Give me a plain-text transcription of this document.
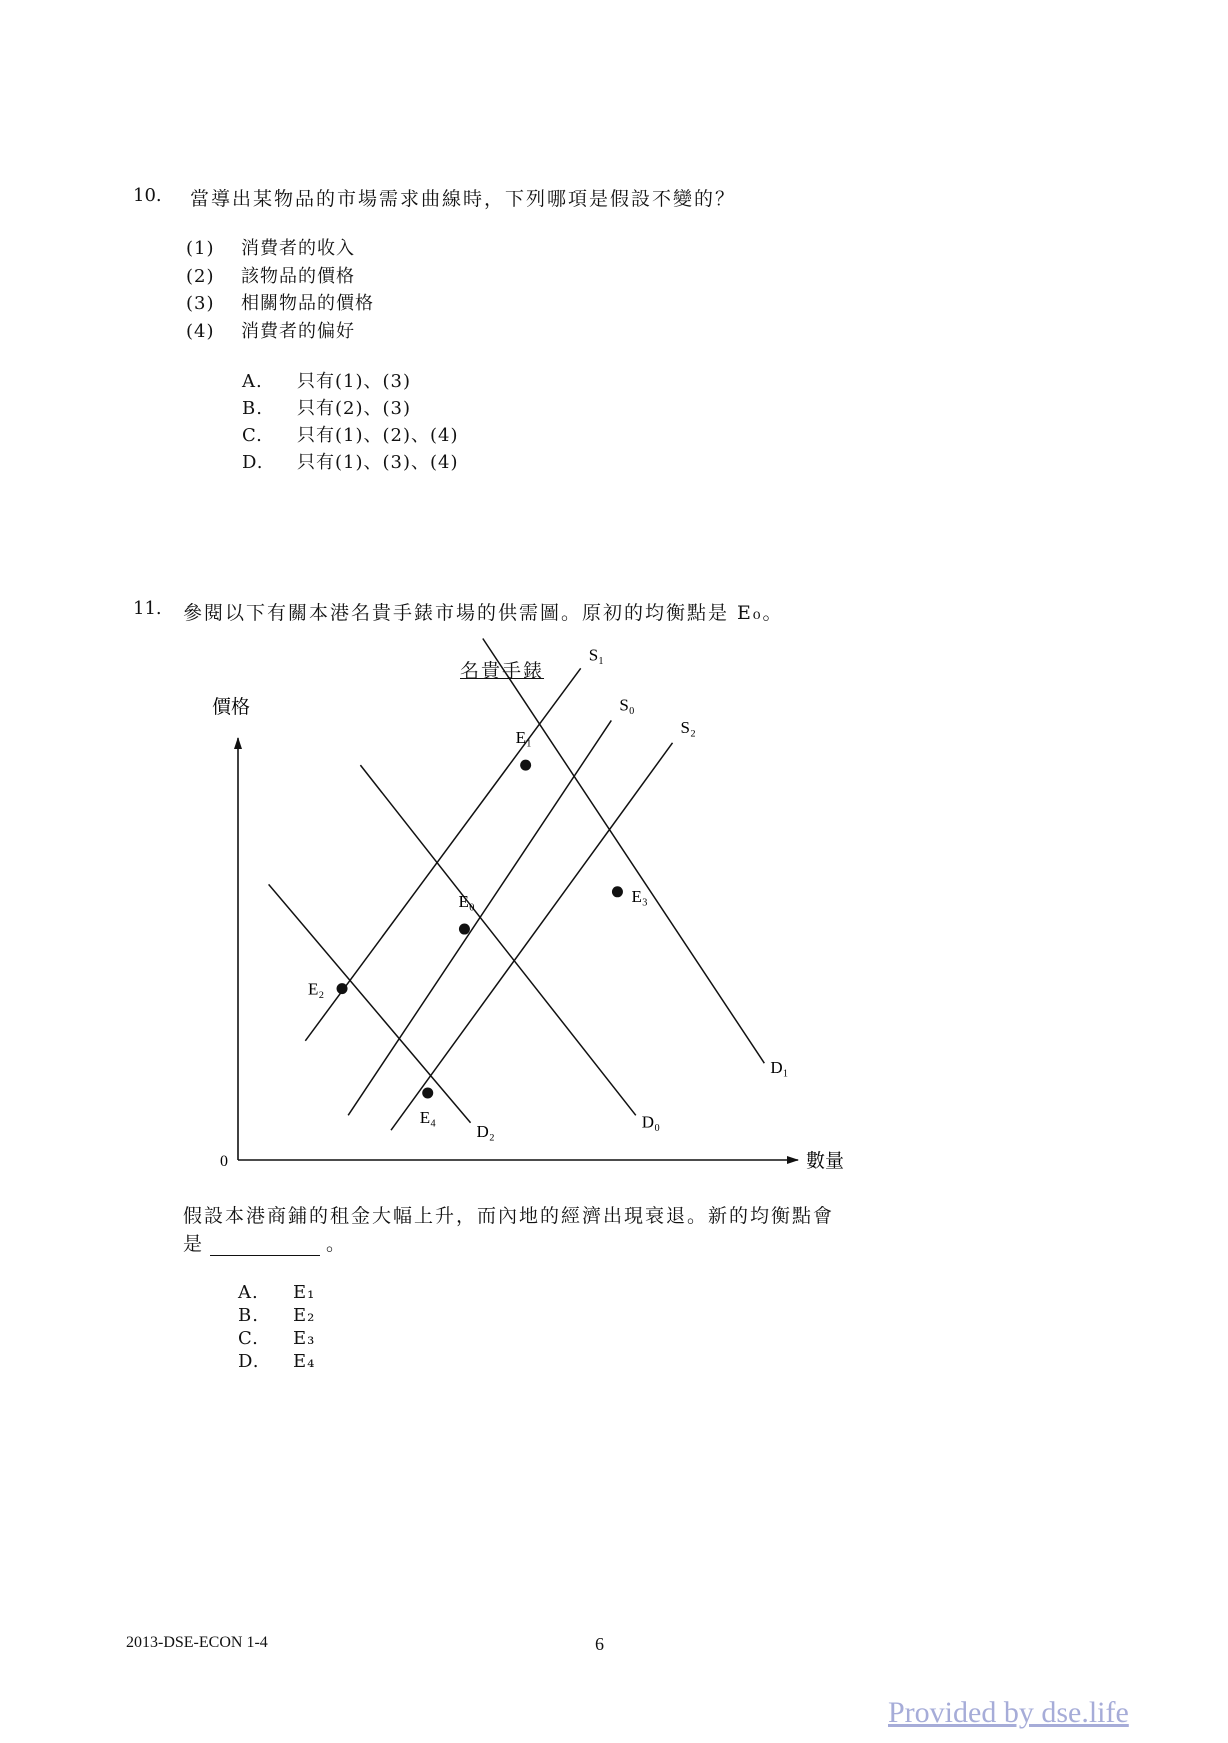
10. 當導出某物品的市場需求曲線時，下列哪項是假設不變的？
(1) 消費者的收入
(2) 該物品的價格
(3) 相關物品的價格
(4) 消費者的偏好
A. 只有(1)、(3)
B. 只有(2)、(3)
C. 只有(1)、(2)、(4)
D. 只有(1)、(3)、(4)
11. 參閱以下有關本港名貴手錶市場的供需圖。原初的均衡點是 E₀。
名貴手錶
價格
數量
0
S₁
S₀
S₂
D₁
D₀
D₂
E₀
E₁
E₂
E₃
E₄
假設本港商鋪的租金大幅上升，而內地的經濟出現衰退。新的均衡點會
是	。
A. E₁
B. E₂
C. E₃
D. E₄
2013-DSE-ECON 1-4	6
Provided by dse.life
